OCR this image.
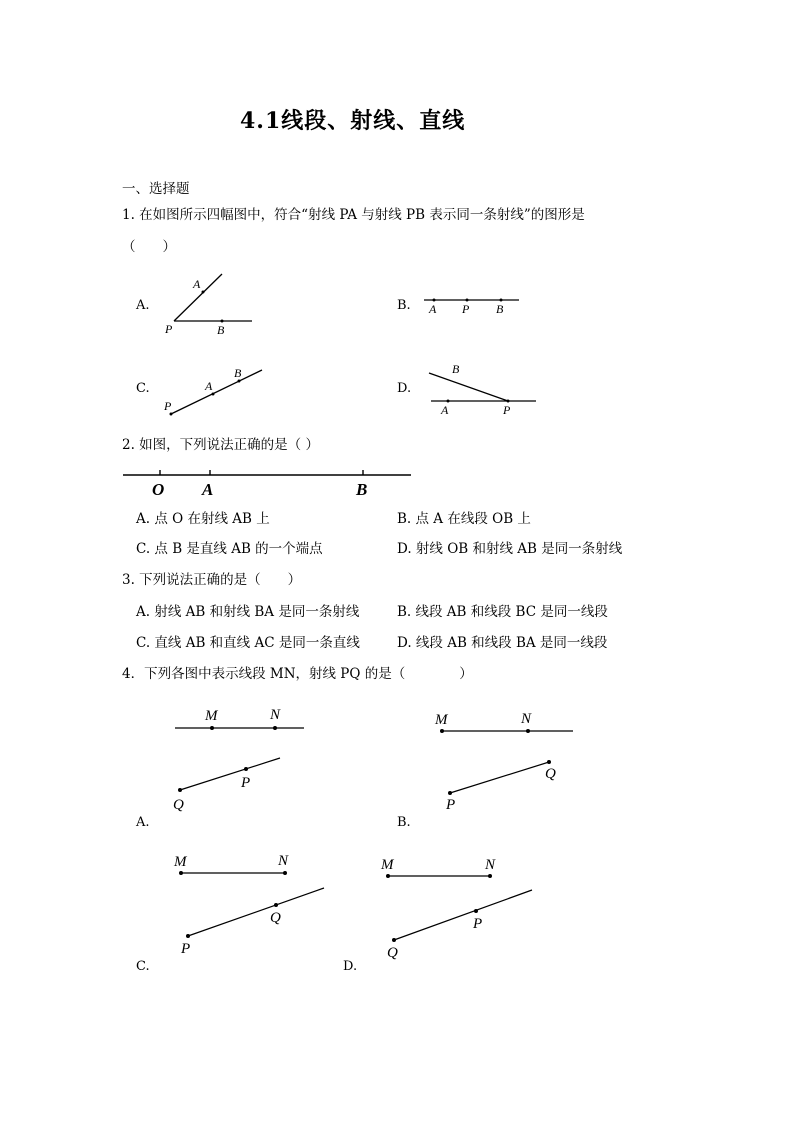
4.1线段、射线、直线
一、选择题
1. 在如图所示四幅图中，符合“射线 PA 与射线 PB 表示同一条射线”的图形是
（　　）
A.	B.
C.	D.
A
P	B
A P B
P
A
B	B
A	P
O A	B
M	N
Q
P
M	N
P
Q
M	N
P
Q
M	N
Q
P
2. 如图，下列说法正确的是（ ）
A. 点 O 在射线 AB 上	B. 点 A 在线段 OB 上
C. 点 B 是直线 AB 的一个端点	D. 射线 OB 和射线 AB 是同一条射线
3. 下列说法正确的是（　　）
A. 射线 AB 和射线 BA 是同一条射线	B. 线段 AB 和线段 BC 是同一线段
C. 直线 AB 和直线 AC 是同一条直线	D. 线段 AB 和线段 BA 是同一线段
4．下列各图中表示线段 MN，射线 PQ 的是（　　　　）
A.	B.
C.	D.
